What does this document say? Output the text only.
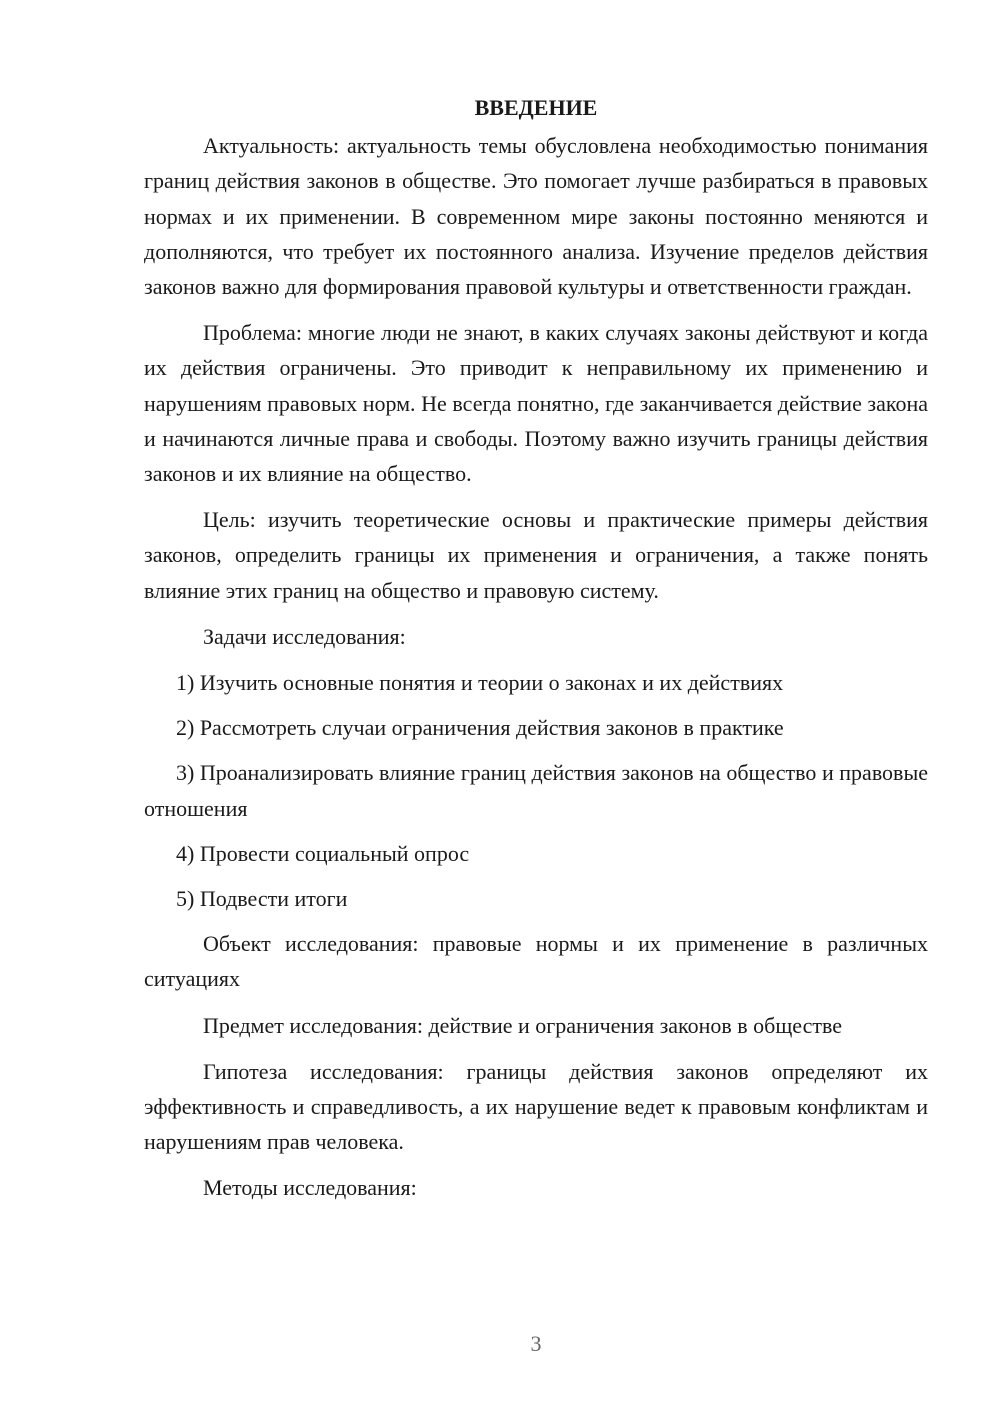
ВВЕДЕНИЕ

Актуальность: актуальность темы обусловлена необходимостью понимания границ действия законов в обществе. Это помогает лучше разбираться в правовых нормах и их применении. В современном мире законы постоянно меняются и дополняются, что требует их постоянного анализа. Изучение пределов действия законов важно для формирования правовой культуры и ответственности граждан.

Проблема: многие люди не знают, в каких случаях законы действуют и когда их действия ограничены. Это приводит к неправильному их применению и нарушениям правовых норм. Не всегда понятно, где заканчивается действие закона и начинаются личные права и свободы. Поэтому важно изучить границы действия законов и их влияние на общество.

Цель: изучить теоретические основы и практические примеры действия законов, определить границы их применения и ограничения, а также понять влияние этих границ на общество и правовую систему.

Задачи исследования:

1) Изучить основные понятия и теории о законах и их действиях

2) Рассмотреть случаи ограничения действия законов в практике

3) Проанализировать влияние границ действия законов на общество и правовые отношения

4) Провести социальный опрос

5) Подвести итоги

Объект исследования: правовые нормы и их применение в различных ситуациях

Предмет исследования: действие и ограничения законов в обществе

Гипотеза исследования: границы действия законов определяют их эффективность и справедливость, а их нарушение ведет к правовым конфликтам и нарушениям прав человека.

Методы исследования:

3
